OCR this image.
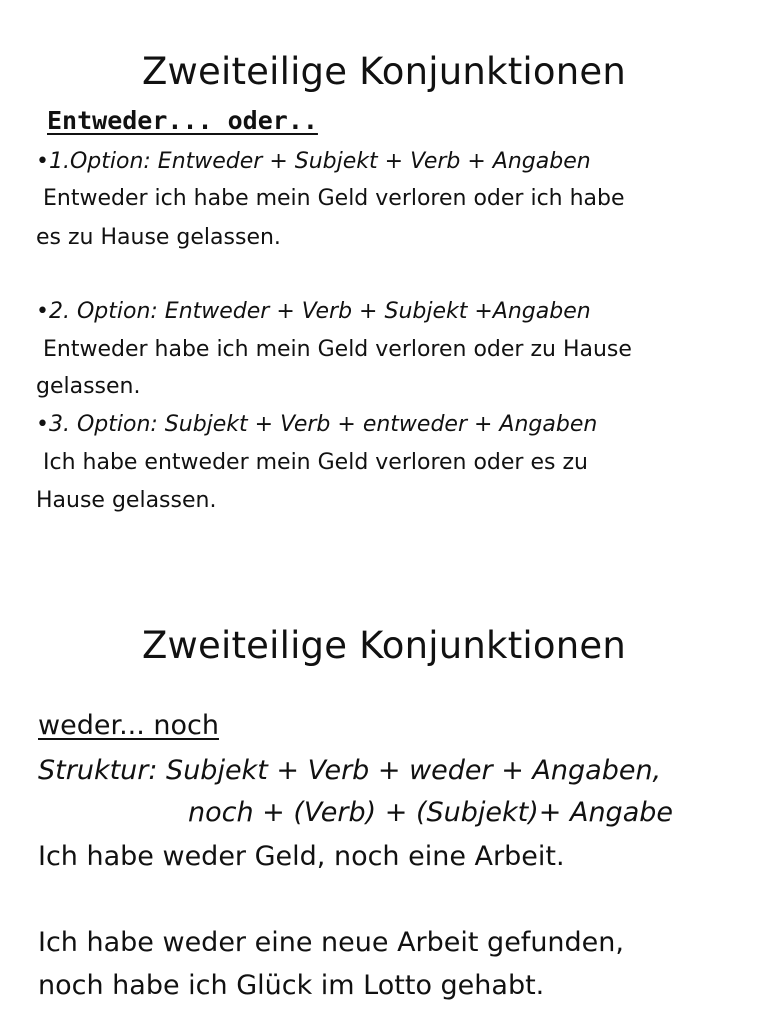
Zweiteilige Konjunktionen
Entweder... oder..
•1.Option: Entweder + Subjekt + Verb + Angaben
Entweder ich habe mein Geld verloren oder ich habe
es zu Hause gelassen.
•2. Option: Entweder + Verb + Subjekt +Angaben
Entweder habe ich mein Geld verloren oder zu Hause
gelassen.
•3. Option: Subjekt + Verb + entweder + Angaben
Ich habe entweder mein Geld verloren oder es zu
Hause gelassen.
Zweiteilige Konjunktionen
weder... noch
Struktur: Subjekt + Verb + weder + Angaben,
noch + (Verb) + (Subjekt)+ Angabe
Ich habe weder Geld, noch eine Arbeit.
Ich habe weder eine neue Arbeit gefunden,
noch habe ich Glück im Lotto gehabt.
